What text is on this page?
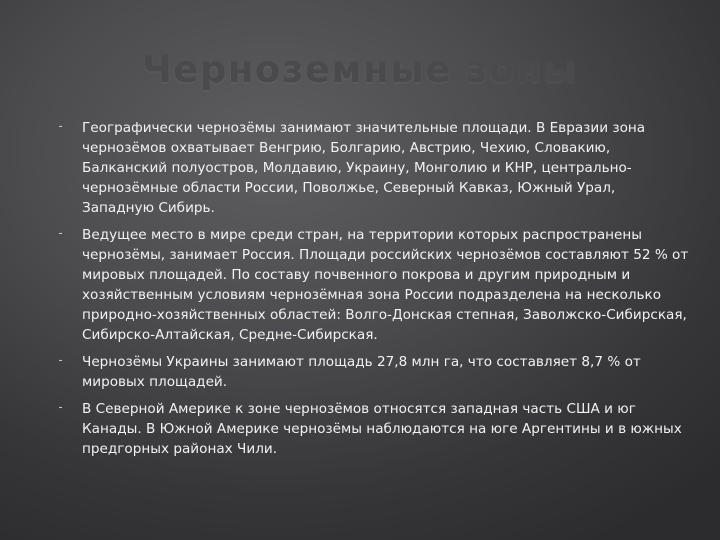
Черноземные зоны
⁃	Географически чернозёмы занимают значительные площади. В Евразии зона чернозёмов охватывает Венгрию, Болгарию, Австрию, Чехию, Словакию, Балканский полуостров, Молдавию, Украину, Монголию и КНР, центрально-чернозёмные области России, Поволжье, Северный Кавказ, Южный Урал, Западную Сибирь.
⁃	Ведущее место в мире среди стран, на территории которых распространены чернозёмы, занимает Россия. Площади российских чернозёмов составляют 52 % от мировых площадей. По составу почвенного покрова и другим природным и хозяйственным условиям чернозёмная зона России подразделена на несколько природно-хозяйственных областей: Волго-Донская степная, Заволжско-Сибирская, Сибирско-Алтайская, Средне-Сибирская.
⁃	Чернозёмы Украины занимают площадь 27,8 млн га, что составляет 8,7 % от мировых площадей.
⁃	В Северной Америке к зоне чернозёмов относятся западная часть США и юг Канады. В Южной Америке чернозёмы наблюдаются на юге Аргентины и в южных предгорных районах Чили.
